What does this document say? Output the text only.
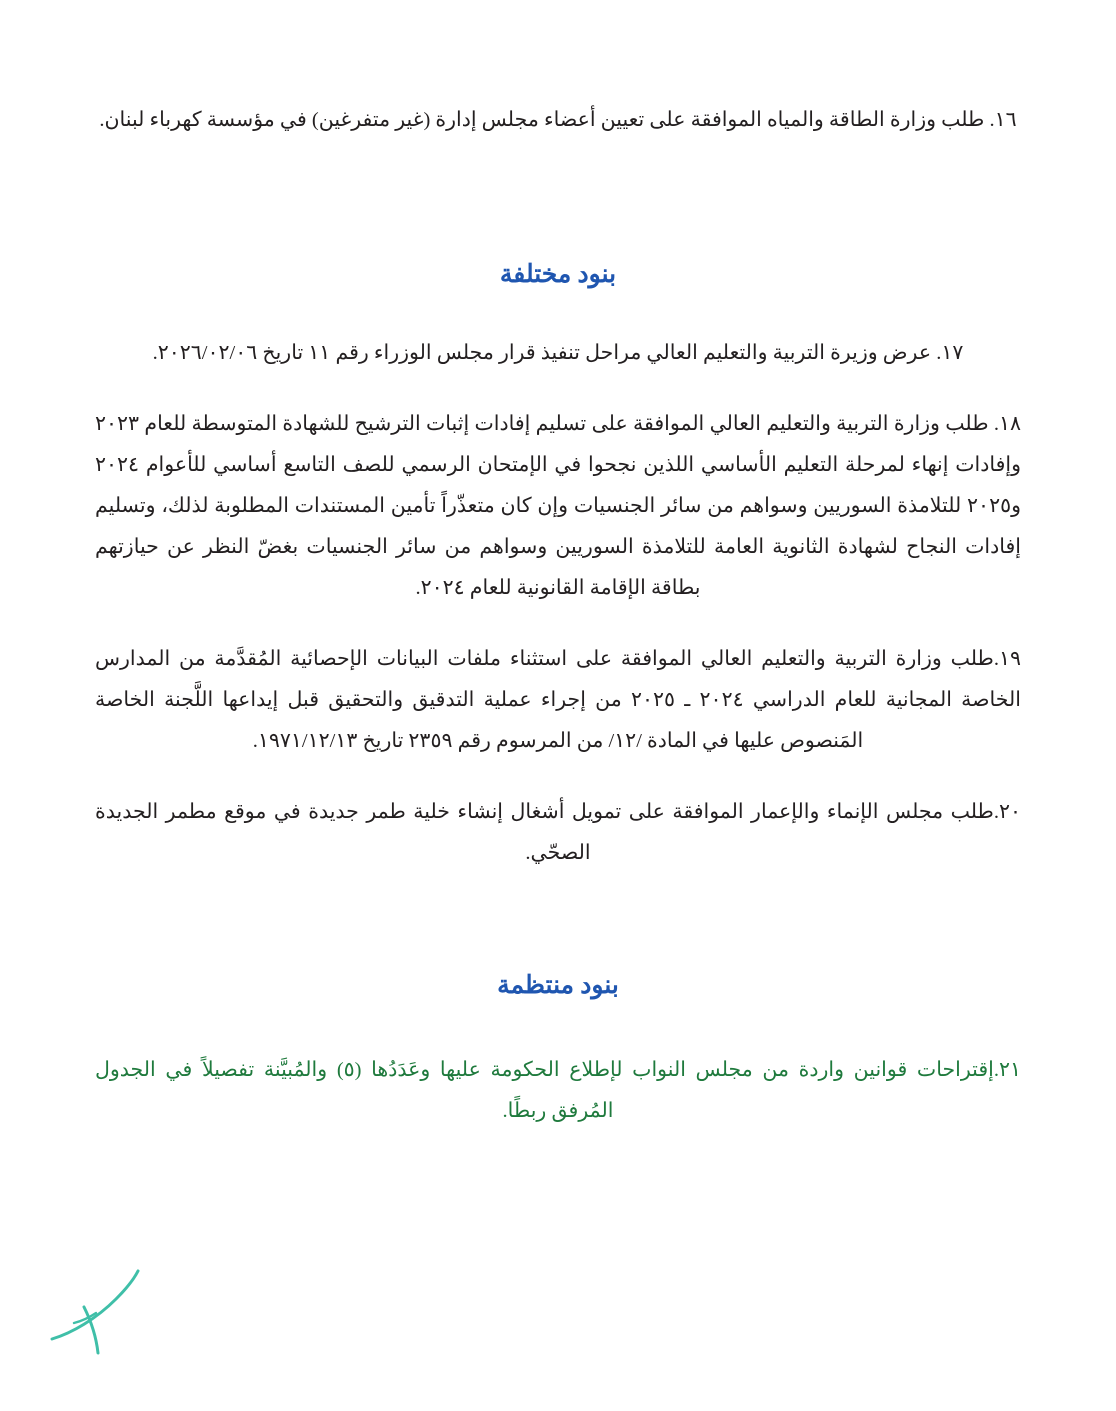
١٦. طلب وزارة الطاقة والمياه الموافقة على تعيين أعضاء مجلس إدارة (غير متفرغين) في مؤسسة كهرباء لبنان.

بنود مختلفة

١٧. عرض وزيرة التربية والتعليم العالي مراحل تنفيذ قرار مجلس الوزراء رقم ١١ تاريخ ٢٠٢٦/٠٢/٠٦.

١٨. طلب وزارة التربية والتعليم العالي الموافقة على تسليم إفادات إثبات الترشيح للشهادة المتوسطة للعام ٢٠٢٣ وإفادات إنهاء لمرحلة التعليم الأساسي اللذين نجحوا في الإمتحان الرسمي للصف التاسع أساسي للأعوام ٢٠٢٤ و٢٠٢٥ للتلامذة السوريين وسواهم من سائر الجنسيات وإن كان متعذّراً تأمين المستندات المطلوبة لذلك، وتسليم إفادات النجاح لشهادة الثانوية العامة للتلامذة السوريين وسواهم من سائر الجنسيات بغضّ النظر عن حيازتهم بطاقة الإقامة القانونية للعام ٢٠٢٤.

١٩.طلب وزارة التربية والتعليم العالي الموافقة على استثناء ملفات البيانات الإحصائية المُقدَّمة من المدارس الخاصة المجانية للعام الدراسي ٢٠٢٤ ـ ٢٠٢٥ من إجراء عملية التدقيق والتحقيق قبل إيداعها اللَّجنة الخاصة المَنصوص عليها في المادة /١٢/ من المرسوم رقم ٢٣٥٩ تاريخ ١٩٧١/١٢/١٣.

٢٠.طلب مجلس الإنماء والإعمار الموافقة على تمويل أشغال إنشاء خلية طمر جديدة في موقع مطمر الجديدة الصحّي.

بنود منتظمة

٢١.إقتراحات قوانين واردة من مجلس النواب لإطلاع الحكومة عليها وعَدَدُها (٥) والمُبيَّنة تفصيلاً في الجدول المُرفق ربطًا.
